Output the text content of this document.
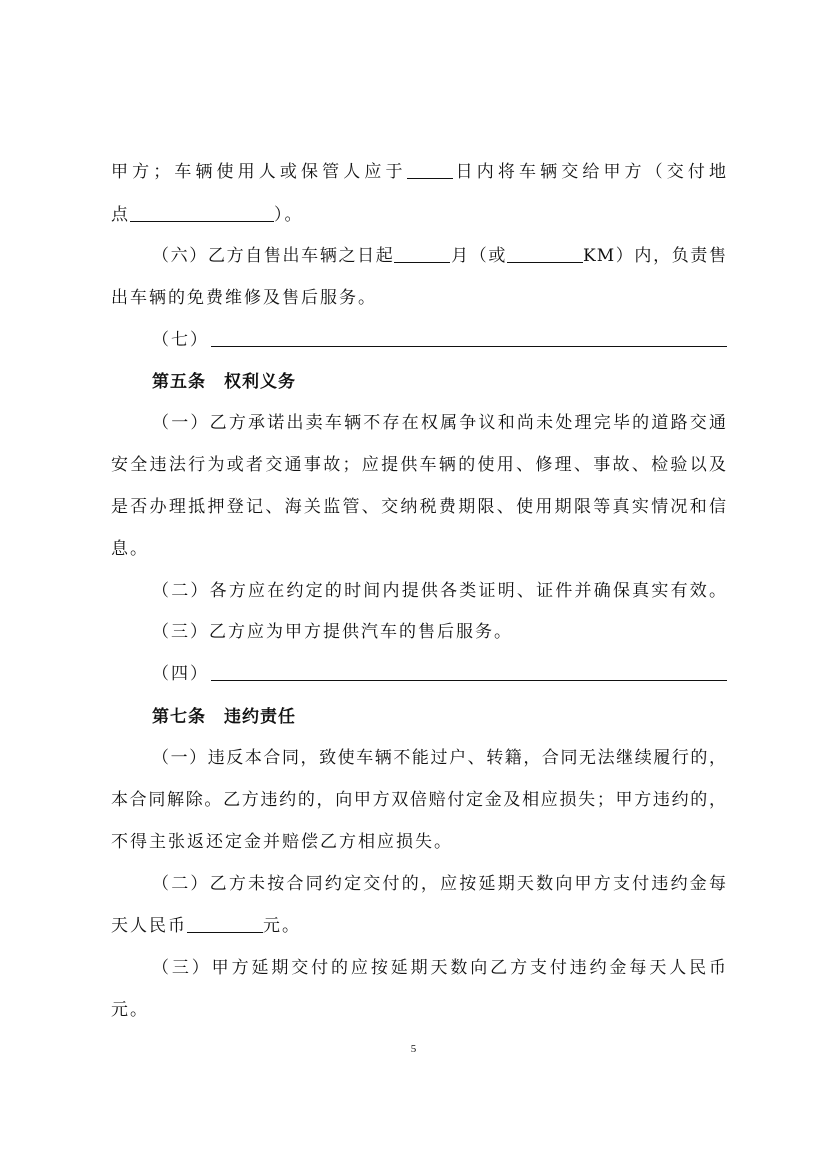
甲方；车辆使用人或保管人应于	日内将车辆交给甲方（交付地
点	）。
（六）乙方自售出车辆之日起	月（或	KM）内，负责售
出车辆的免费维修及售后服务。
（七）
第五条　权利义务
（一）乙方承诺出卖车辆不存在权属争议和尚未处理完毕的道路交通
安全违法行为或者交通事故；应提供车辆的使用、修理、事故、检验以及
是否办理抵押登记、海关监管、交纳税费期限、使用期限等真实情况和信
息。
（二）各方应在约定的时间内提供各类证明、证件并确保真实有效。
（三）乙方应为甲方提供汽车的售后服务。
（四）
第七条　违约责任
（一）违反本合同，致使车辆不能过户、转籍，合同无法继续履行的，
本合同解除。乙方违约的，向甲方双倍赔付定金及相应损失；甲方违约的，
不得主张返还定金并赔偿乙方相应损失。
（二）乙方未按合同约定交付的，应按延期天数向甲方支付违约金每
天人民币	元。
（三）甲方延期交付的应按延期天数向乙方支付违约金每天人民币
元。
5
